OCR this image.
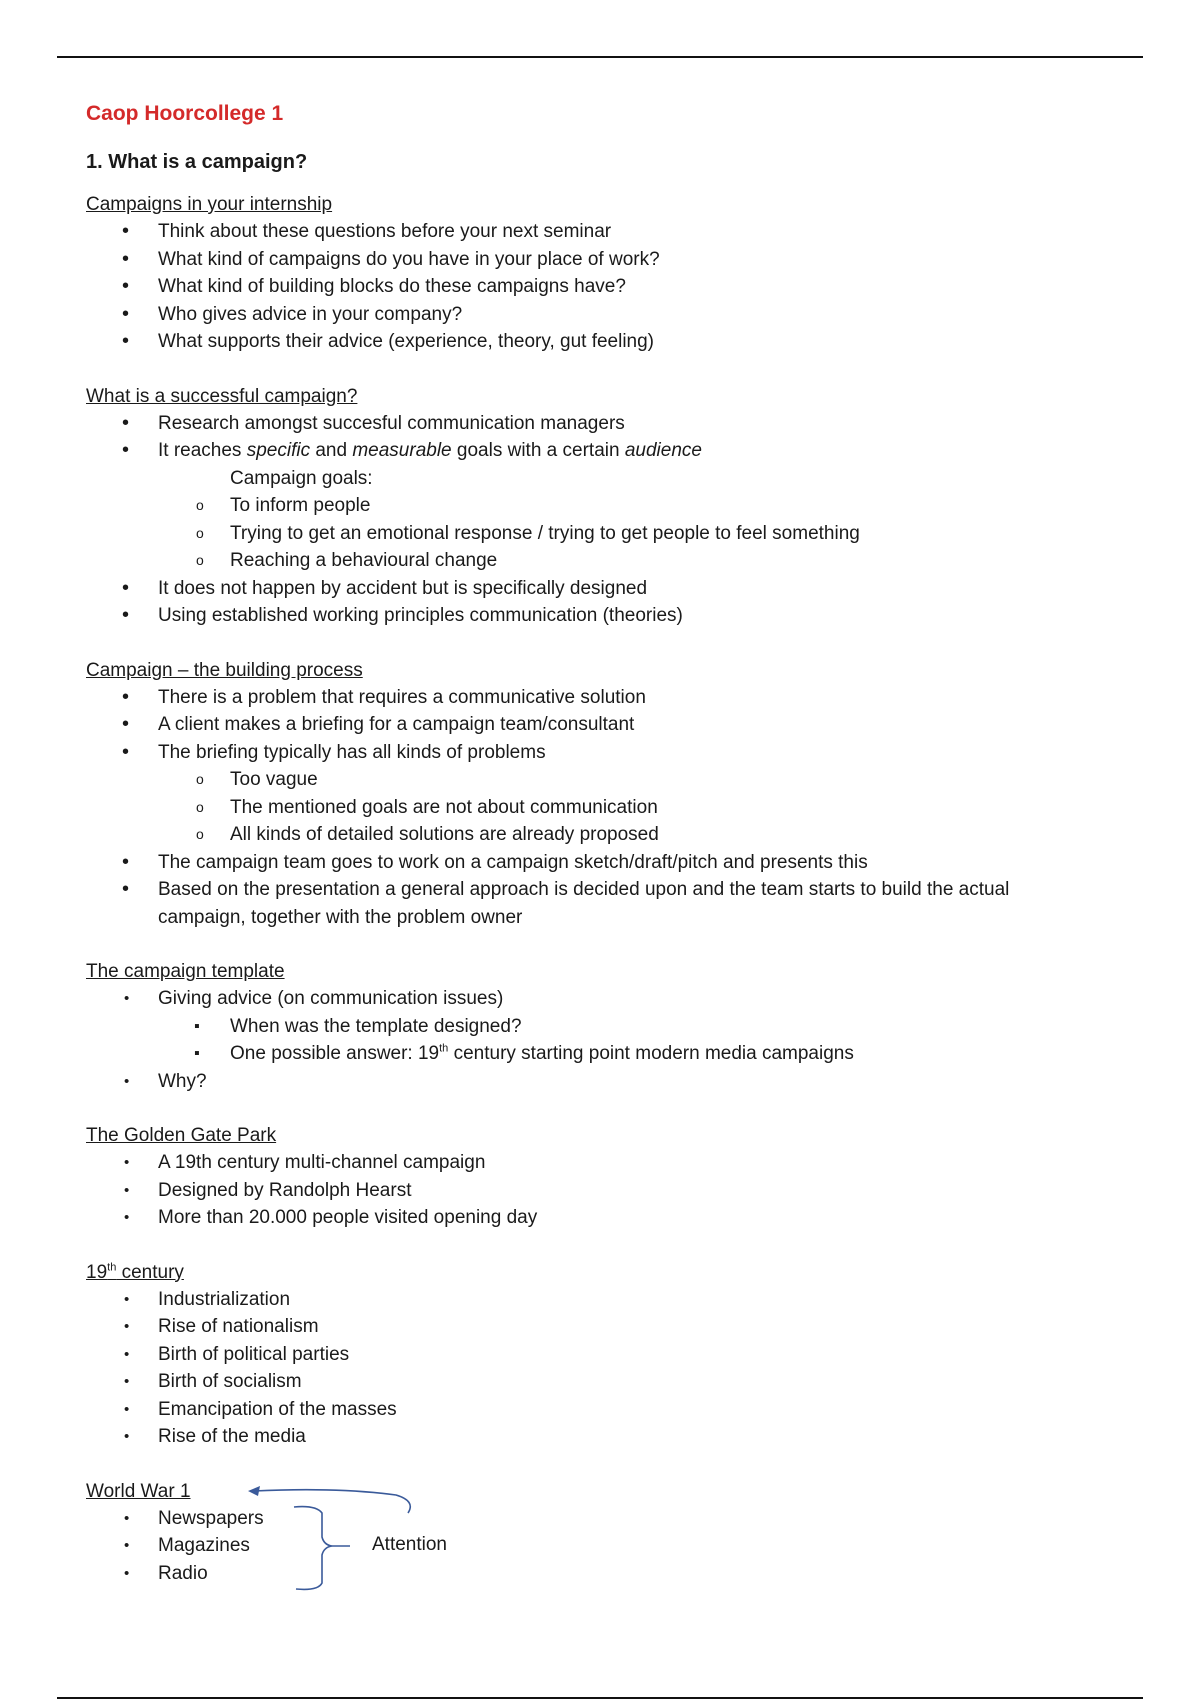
Caop Hoorcollege 1
1. What is a campaign?

Campaigns in your internship

• Think about these questions before your next seminar
• What kind of campaigns do you have in your place of work?
• What kind of building blocks do these campaigns have?
• Who gives advice in your company?
• What supports their advice (experience, theory, gut feeling)

What is a successful campaign?

• Research amongst succesful communication managers
• It reaches specific and measurable goals with a certain audience
Campaign goals:
o To inform people
o Trying to get an emotional response / trying to get people to feel something
o Reaching a behavioural change
• It does not happen by accident but is specifically designed
• Using established working principles communication (theories)

Campaign – the building process

• There is a problem that requires a communicative solution
• A client makes a briefing for a campaign team/consultant
• The briefing typically has all kinds of problems
o Too vague
o The mentioned goals are not about communication
o All kinds of detailed solutions are already proposed
• The campaign team goes to work on a campaign sketch/draft/pitch and presents this
• Based on the presentation a general approach is decided upon and the team starts to build the actual campaign, together with the problem owner

The campaign template

• Giving advice (on communication issues)
▪ When was the template designed?
▪ One possible answer: 19th century starting point modern media campaigns
• Why?

The Golden Gate Park

• A 19th century multi-channel campaign
• Designed by Randolph Hearst
• More than 20.000 people visited opening day

19th century

• Industrialization
• Rise of nationalism
• Birth of political parties
• Birth of socialism
• Emancipation of the masses
• Rise of the media

World War 1

• Newspapers
• Magazines
• Radio
Attention
